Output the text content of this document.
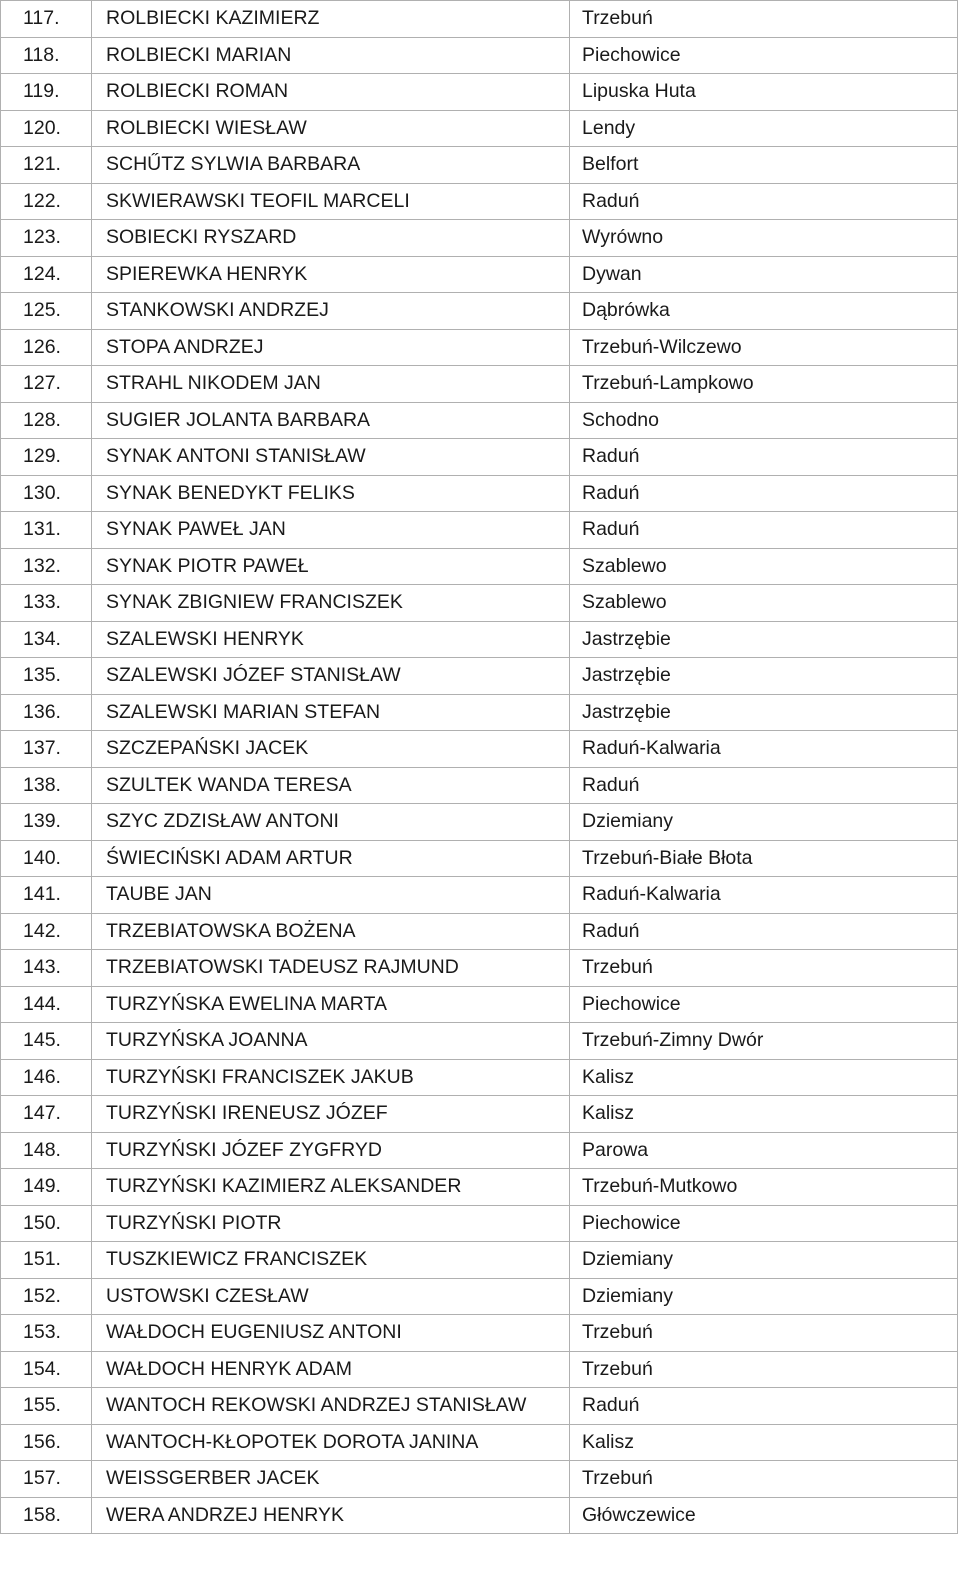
117.	ROLBIECKI KAZIMIERZ	Trzebuń
118.	ROLBIECKI MARIAN	Piechowice
119.	ROLBIECKI ROMAN	Lipuska Huta
120.	ROLBIECKI WIESŁAW	Lendy
121.	SCHŰTZ SYLWIA BARBARA	Belfort
122.	SKWIERAWSKI TEOFIL MARCELI	Raduń
123.	SOBIECKI RYSZARD	Wyrówno
124.	SPIEREWKA HENRYK	Dywan
125.	STANKOWSKI ANDRZEJ	Dąbrówka
126.	STOPA ANDRZEJ	Trzebuń-Wilczewo
127.	STRAHL NIKODEM JAN	Trzebuń-Lampkowo
128.	SUGIER JOLANTA BARBARA	Schodno
129.	SYNAK ANTONI STANISŁAW	Raduń
130.	SYNAK BENEDYKT FELIKS	Raduń
131.	SYNAK PAWEŁ JAN	Raduń
132.	SYNAK PIOTR PAWEŁ	Szablewo
133.	SYNAK ZBIGNIEW FRANCISZEK	Szablewo
134.	SZALEWSKI HENRYK	Jastrzębie
135.	SZALEWSKI JÓZEF STANISŁAW	Jastrzębie
136.	SZALEWSKI MARIAN STEFAN	Jastrzębie
137.	SZCZEPAŃSKI JACEK	Raduń-Kalwaria
138.	SZULTEK WANDA TERESA	Raduń
139.	SZYC ZDZISŁAW ANTONI	Dziemiany
140.	ŚWIECIŃSKI ADAM ARTUR	Trzebuń-Białe Błota
141.	TAUBE JAN	Raduń-Kalwaria
142.	TRZEBIATOWSKA BOŻENA	Raduń
143.	TRZEBIATOWSKI TADEUSZ RAJMUND	Trzebuń
144.	TURZYŃSKA EWELINA MARTA	Piechowice
145.	TURZYŃSKA JOANNA	Trzebuń-Zimny Dwór
146.	TURZYŃSKI FRANCISZEK JAKUB	Kalisz
147.	TURZYŃSKI IRENEUSZ JÓZEF	Kalisz
148.	TURZYŃSKI JÓZEF ZYGFRYD	Parowa
149.	TURZYŃSKI KAZIMIERZ ALEKSANDER	Trzebuń-Mutkowo
150.	TURZYŃSKI PIOTR	Piechowice
151.	TUSZKIEWICZ FRANCISZEK	Dziemiany
152.	USTOWSKI CZESŁAW	Dziemiany
153.	WAŁDOCH EUGENIUSZ ANTONI	Trzebuń
154.	WAŁDOCH HENRYK ADAM	Trzebuń
155.	WANTOCH REKOWSKI ANDRZEJ STANISŁAW	Raduń
156.	WANTOCH-KŁOPOTEK DOROTA JANINA	Kalisz
157.	WEISSGERBER JACEK	Trzebuń
158.	WERA ANDRZEJ HENRYK	Główczewice
